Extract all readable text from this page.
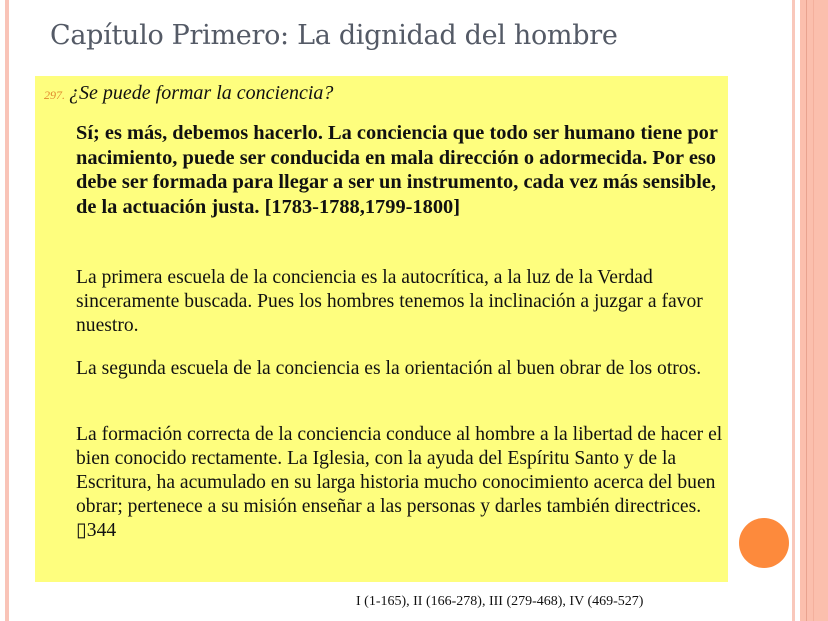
Capítulo Primero: La dignidad del hombre
297. ¿Se puede formar la conciencia?
Sí; es más, debemos hacerlo. La conciencia que todo ser humano tiene por nacimiento, puede ser conducida en mala dirección o adormecida. Por eso debe ser formada para llegar a ser un instrumento, cada vez más sensible, de la actuación justa. [1783-1788,1799-1800]
La primera escuela de la conciencia es la autocrítica, a la luz de la Verdad sinceramente buscada. Pues los hombres tenemos la inclinación a juzgar a favor nuestro.
La segunda escuela de la conciencia es la orientación al buen obrar de los otros.
La formación correcta de la conciencia conduce al hombre a la libertad de hacer el bien conocido rectamente. La Iglesia, con la ayuda del Espíritu Santo y de la Escritura, ha acumulado en su larga historia mucho conocimiento acerca del buen obrar; pertenece a su misión enseñar a las personas y darles también directrices. ▯344
I (1-165), II (166-278), III (279-468), IV (469-527)
